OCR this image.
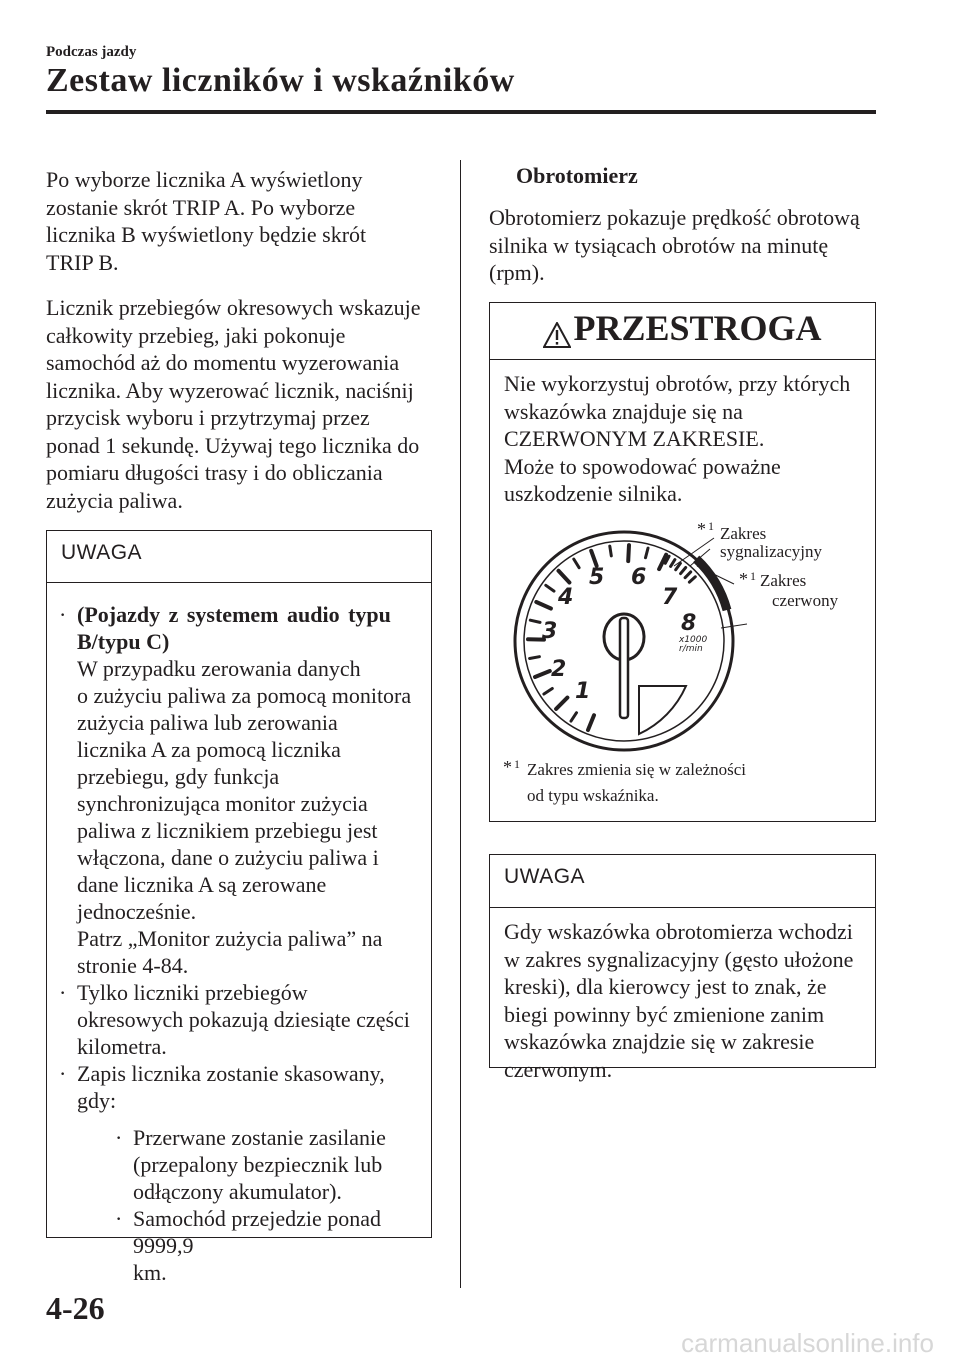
Podczas jazdy
Zestaw liczników i wskaźników

Po wyborze licznika A wyświetlony

zostanie skrót TRIP A. Po wyborze

licznika B wyświetlony będzie skrót

TRIP B.

Licznik przebiegów okresowych wskazuje

całkowity przebieg, jaki pokonuje

samochód aż do momentu wyzerowania

licznika. Aby wyzerować licznik, naciśnij

przycisk wyboru i przytrzymaj przez

ponad 1 sekundę. Używaj tego licznika do

pomiaru długości trasy i do obliczania

zużycia paliwa.

UWAGA
· (Pojazdy z systemem audio typu
B/typu C)
W przypadku zerowania danych
o zużyciu paliwa za pomocą monitora
zużycia paliwa lub zerowania
licznika A za pomocą licznika
przebiegu, gdy funkcja
synchronizująca monitor zużycia
paliwa z licznikiem przebiegu jest
włączona, dane o zużyciu paliwa i
dane licznika A są zerowane
jednocześnie.
Patrz „Monitor zużycia paliwa” na
stronie 4-84.
· Tylko liczniki przebiegów
okresowych pokazują dziesiąte części
kilometra.
· Zapis licznika zostanie skasowany,
gdy:
· Przerwane zostanie zasilanie
(przepalony bezpiecznik lub
odłączony akumulator).
· Samochód przejedzie ponad 9999,9
km.
Obrotomierz

Obrotomierz pokazuje prędkość obrotową

silnika w tysiącach obrotów na minutę

(rpm).

PRZESTROGA

Nie wykorzystuj obrotów, przy których

wskazówka znajduje się na

CZERWONYM ZAKRESIE.

Może to spowodować poważne

uszkodzenie silnika.

1
2
3
4
5 6
7
8
x1000
r/min
* 1 Zakres
sygnalizacyjny
* 1 Zakres
czerwony
* 1 Zakres zmienia się w zależności
od typu wskaźnika.
UWAGA

Gdy wskazówka obrotomierza wchodzi

w zakres sygnalizacyjny (gęsto ułożone

kreski), dla kierowcy jest to znak, że

biegi powinny być zmienione zanim

wskazówka znajdzie się w zakresie

czerwonym.

4-26
carmanualsonline.info
